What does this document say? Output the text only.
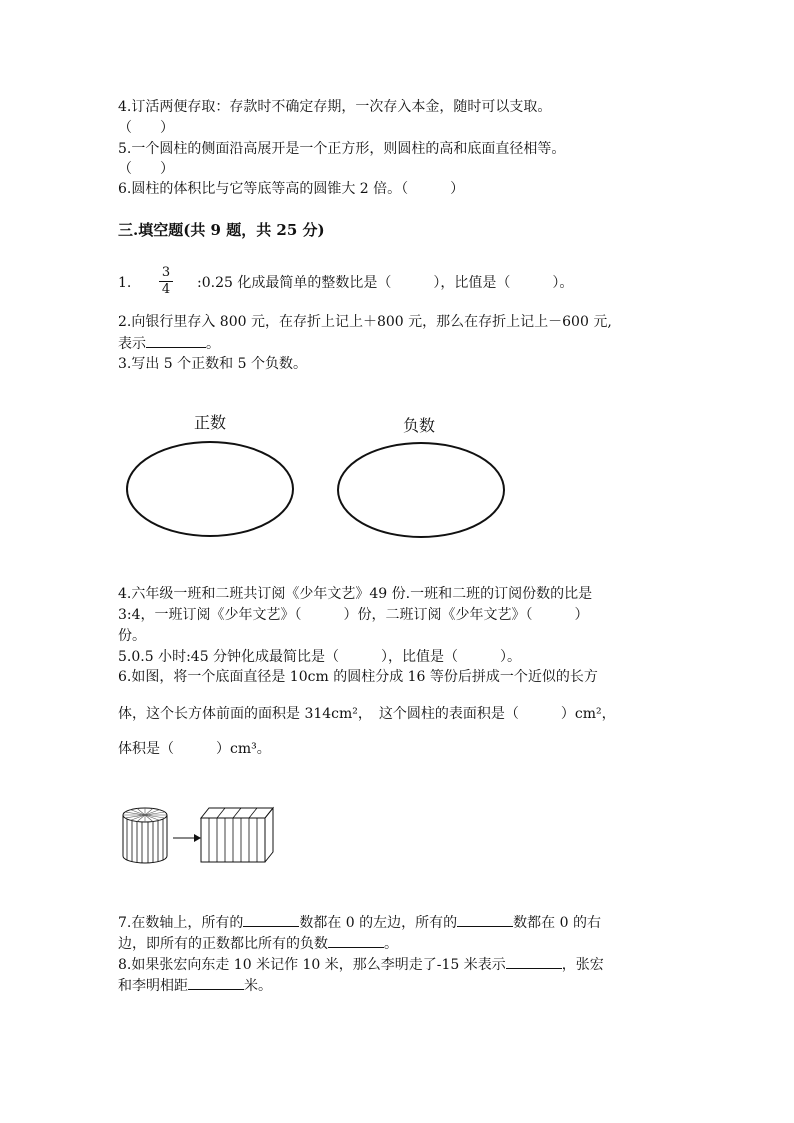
4.订活两便存取：存款时不确定存期，一次存入本金，随时可以支取。
（　　）
5.一个圆柱的侧面沿高展开是一个正方形，则圆柱的高和底面直径相等。
（　　）
6.圆柱的体积比与它等底等高的圆锥大 2 倍。（　　　）
三.填空题(共 9 题，共 25 分)
1.
3
4 :0.25 化成最简单的整数比是（　　　），比值是（　　　）。
2.向银行里存入 800 元，在存折上记上＋800 元，那么在存折上记上－600 元,
表示	。
3.写出 5 个正数和 5 个负数。
正数	负数
4.六年级一班和二班共订阅《少年文艺》49 份.一班和二班的订阅份数的比是
3:4，一班订阅《少年文艺》（　　　）份，二班订阅《少年文艺》（　　　）
份。
5.0.5 小时:45 分钟化成最简比是（　　　），比值是（　　　）。
6.如图，将一个底面直径是 10cm 的圆柱分成 16 等份后拼成一个近似的长方
体，这个长方体前面的面积是 314cm²，　这个圆柱的表面积是（　　　）cm²，
体积是（　　　）cm³。
7.在数轴上，所有的	数都在 0 的左边，所有的	数都在 0 的右
边，即所有的正数都比所有的负数	。
8.如果张宏向东走 10 米记作 10 米，那么李明走了-15 米表示	，张宏
和李明相距	米。
